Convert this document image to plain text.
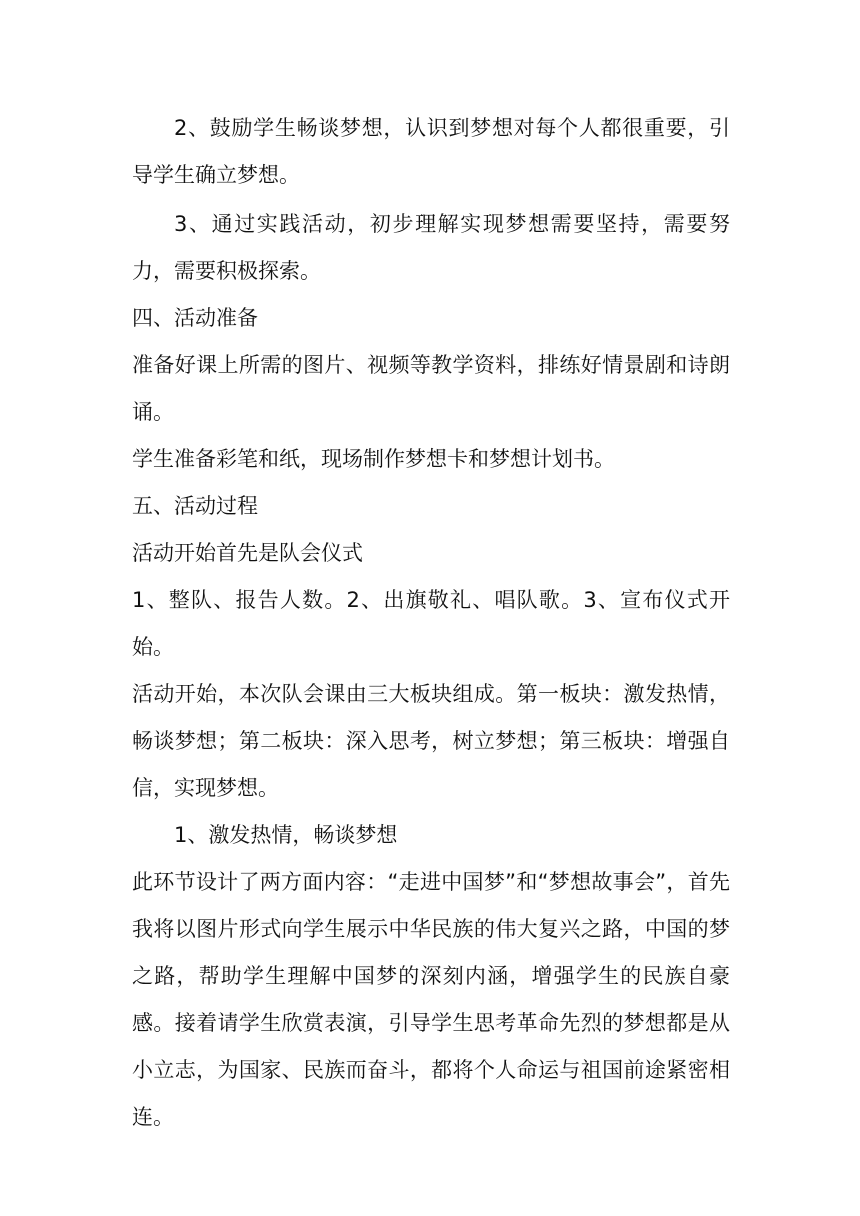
2、鼓励学生畅谈梦想，认识到梦想对每个人都很重要，引导学生确立梦想。

3、通过实践活动，初步理解实现梦想需要坚持，需要努力，需要积极探索。

四、活动准备

准备好课上所需的图片、视频等教学资料，排练好情景剧和诗朗诵。

学生准备彩笔和纸，现场制作梦想卡和梦想计划书。

五、活动过程

活动开始首先是队会仪式

1、整队、报告人数。2、出旗敬礼、唱队歌。3、宣布仪式开始。

活动开始，本次队会课由三大板块组成。第一板块：激发热情，畅谈梦想；第二板块：深入思考，树立梦想；第三板块：增强自信，实现梦想。

1、激发热情，畅谈梦想

此环节设计了两方面内容：“走进中国梦”和“梦想故事会”，首先我将以图片形式向学生展示中华民族的伟大复兴之路，中国的梦之路，帮助学生理解中国梦的深刻内涵，增强学生的民族自豪感。接着请学生欣赏表演，引导学生思考革命先烈的梦想都是从小立志，为国家、民族而奋斗，都将个人命运与祖国前途紧密相连。
